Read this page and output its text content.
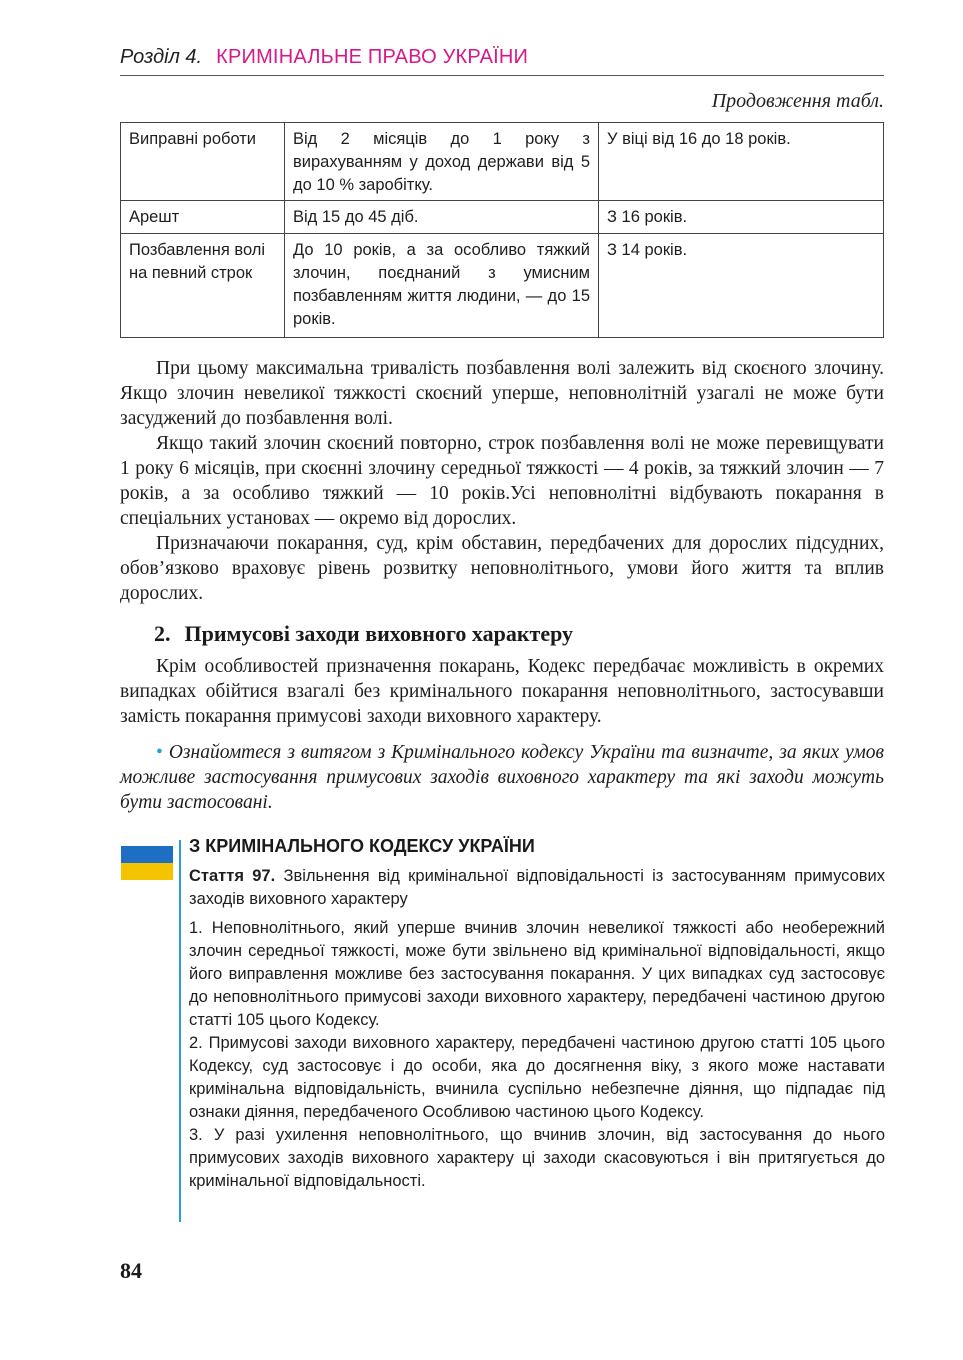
Розділ 4. КРИМІНАЛЬНЕ ПРАВО УКРАЇНИ
Продовження табл.
Виправні роботи	Від 2 місяців до 1 року з вирахуванням у доход держави від 5 до 10 % заробітку.	У віці від 16 до 18 років.
Арешт	Від 15 до 45 діб.	З 16 років.
Позбавлення волі на певний строк	До 10 років, а за особливо тяжкий злочин, поєднаний з умисним позбавленням життя людини, — до 15 років.	З 14 років.

При цьому максимальна тривалість позбавлення волі залежить від скоєного злочину. Якщо злочин невеликої тяжкості скоєний уперше, неповнолітній узагалі не може бути засуджений до позбавлення волі.

Якщо такий злочин скоєний повторно, строк позбавлення волі не може перевищувати 1 року 6 місяців, при скоєнні злочину середньої тяжкості — 4 років, за тяжкий злочин — 7 років, а за особливо тяжкий — 10 років.Усі неповнолітні відбувають покарання в спеціальних установах — окремо від дорослих.

Призначаючи покарання, суд, крім обставин, передбачених для дорослих підсудних, обов’язково враховує рівень розвитку неповнолітнього, умови його життя та вплив дорослих.

2. Примусові заходи виховного характеру

Крім особливостей призначення покарань, Кодекс передбачає можливість в окремих випадках обійтися взагалі без кримінального покарання неповнолітнього, застосувавши замість покарання примусові заходи виховного характеру.

• Ознайомтеся з витягом з Кримінального кодексу України та визначте, за яких умов можливе застосування примусових заходів виховного характеру та які заходи можуть бути застосовані.
З КРИМІНАЛЬНОГО КОДЕКСУ УКРАЇНИ
Стаття 97. Звільнення від кримінальної відповідальності із застосуванням примусових заходів виховного характеру
1. Неповнолітнього, який уперше вчинив злочин невеликої тяжкості або необережний злочин середньої тяжкості, може бути звільнено від кримінальної відповідальності, якщо його виправлення можливе без застосування покарання. У цих випадках суд застосовує до неповнолітнього примусові заходи виховного характеру, передбачені частиною другою статті 105 цього Кодексу.
2. Примусові заходи виховного характеру, передбачені частиною другою статті 105 цього Кодексу, суд застосовує і до особи, яка до досягнення віку, з якого може наставати кримінальна відповідальність, вчинила суспільно небезпечне діяння, що підпадає під ознаки діяння, передбаченого Особливою частиною цього Кодексу.
3. У разі ухилення неповнолітнього, що вчинив злочин, від застосування до нього примусових заходів виховного характеру ці заходи скасовуються і він притягується до кримінальної відповідальності.
84
